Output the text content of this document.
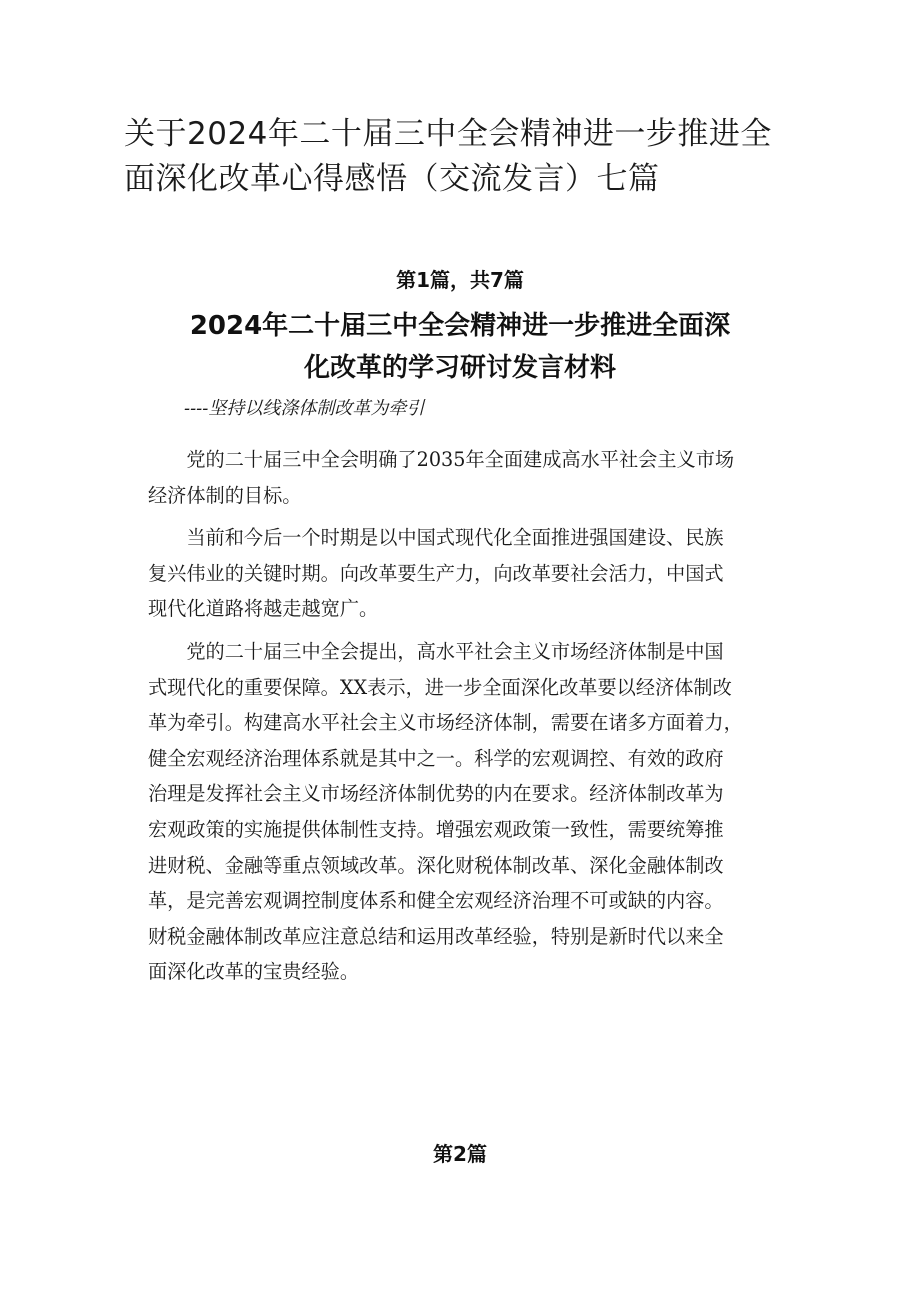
关于2024年二十届三中全会精神进一步推进全
面深化改革心得感悟（交流发言）七篇
第1篇，共7篇
2024年二十届三中全会精神进一步推进全面深
化改革的学习研讨发言材料

----坚持以线涤体制改革为牵引

　　党的二十届三中全会明确了2035年全面建成高水平社会主义市场
经济体制的目标。

　　当前和今后一个时期是以中国式现代化全面推进强国建设、民族
复兴伟业的关键时期。向改革要生产力，向改革要社会活力，中国式
现代化道路将越走越宽广。

　　党的二十届三中全会提出，高水平社会主义市场经济体制是中国
式现代化的重要保障。XX表示，进一步全面深化改革要以经济体制改
革为牵引。构建高水平社会主义市场经济体制，需要在诸多方面着力，
健全宏观经济治理体系就是其中之一。科学的宏观调控、有效的政府
治理是发挥社会主义市场经济体制优势的内在要求。经济体制改革为
宏观政策的实施提供体制性支持。增强宏观政策一致性，需要统筹推
进财税、金融等重点领域改革。深化财税体制改革、深化金融体制改
革，是完善宏观调控制度体系和健全宏观经济治理不可或缺的内容。
财税金融体制改革应注意总结和运用改革经验，特别是新时代以来全
面深化改革的宝贵经验。

第2篇
